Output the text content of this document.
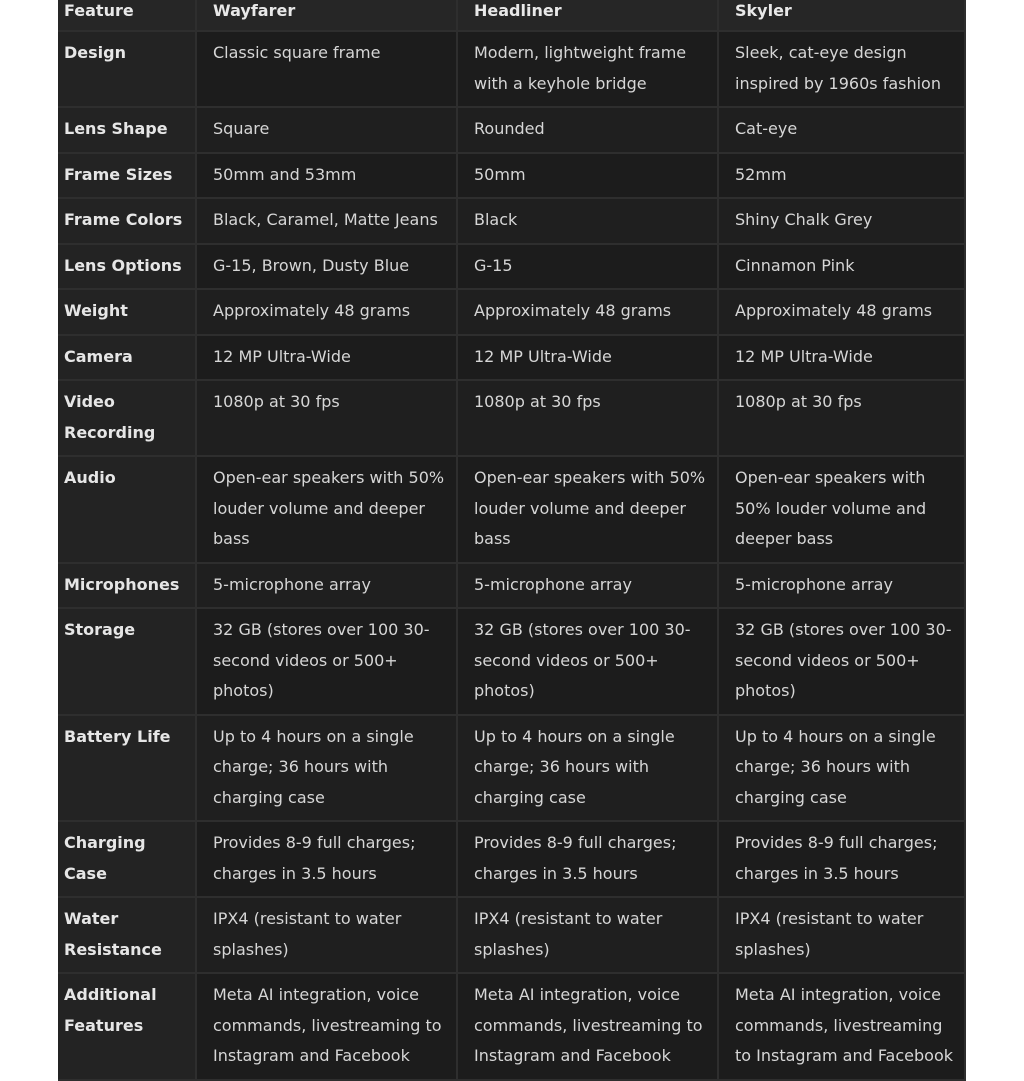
Feature	Wayfarer	Headliner	Skyler
Design	Classic square frame	Modern, lightweight frame with a keyhole bridge	Sleek, cat-eye design inspired by 1960s fashion
Lens Shape	Square	Rounded	Cat-eye
Frame Sizes	50mm and 53mm	50mm	52mm
Frame Colors	Black, Caramel, Matte Jeans	Black	Shiny Chalk Grey
Lens Options	G-15, Brown, Dusty Blue	G-15	Cinnamon Pink
Weight	Approximately 48 grams	Approximately 48 grams	Approximately 48 grams
Camera	12 MP Ultra-Wide	12 MP Ultra-Wide	12 MP Ultra-Wide
Video Recording	1080p at 30 fps	1080p at 30 fps	1080p at 30 fps
Audio	Open-ear speakers with 50% louder volume and deeper bass	Open-ear speakers with 50% louder volume and deeper bass	Open-ear speakers with 50% louder volume and deeper bass
Microphones	5-microphone array	5-microphone array	5-microphone array
Storage	32 GB (stores over 100 30-second videos or 500+ photos)	32 GB (stores over 100 30-second videos or 500+ photos)	32 GB (stores over 100 30-second videos or 500+ photos)
Battery Life	Up to 4 hours on a single charge; 36 hours with charging case	Up to 4 hours on a single charge; 36 hours with charging case	Up to 4 hours on a single charge; 36 hours with charging case
Charging Case	Provides 8-9 full charges; charges in 3.5 hours	Provides 8-9 full charges; charges in 3.5 hours	Provides 8-9 full charges; charges in 3.5 hours
Water Resistance	IPX4 (resistant to water splashes)	IPX4 (resistant to water splashes)	IPX4 (resistant to water splashes)
Additional Features	Meta AI integration, voice commands, livestreaming to Instagram and Facebook	Meta AI integration, voice commands, livestreaming to Instagram and Facebook	Meta AI integration, voice commands, livestreaming to Instagram and Facebook
